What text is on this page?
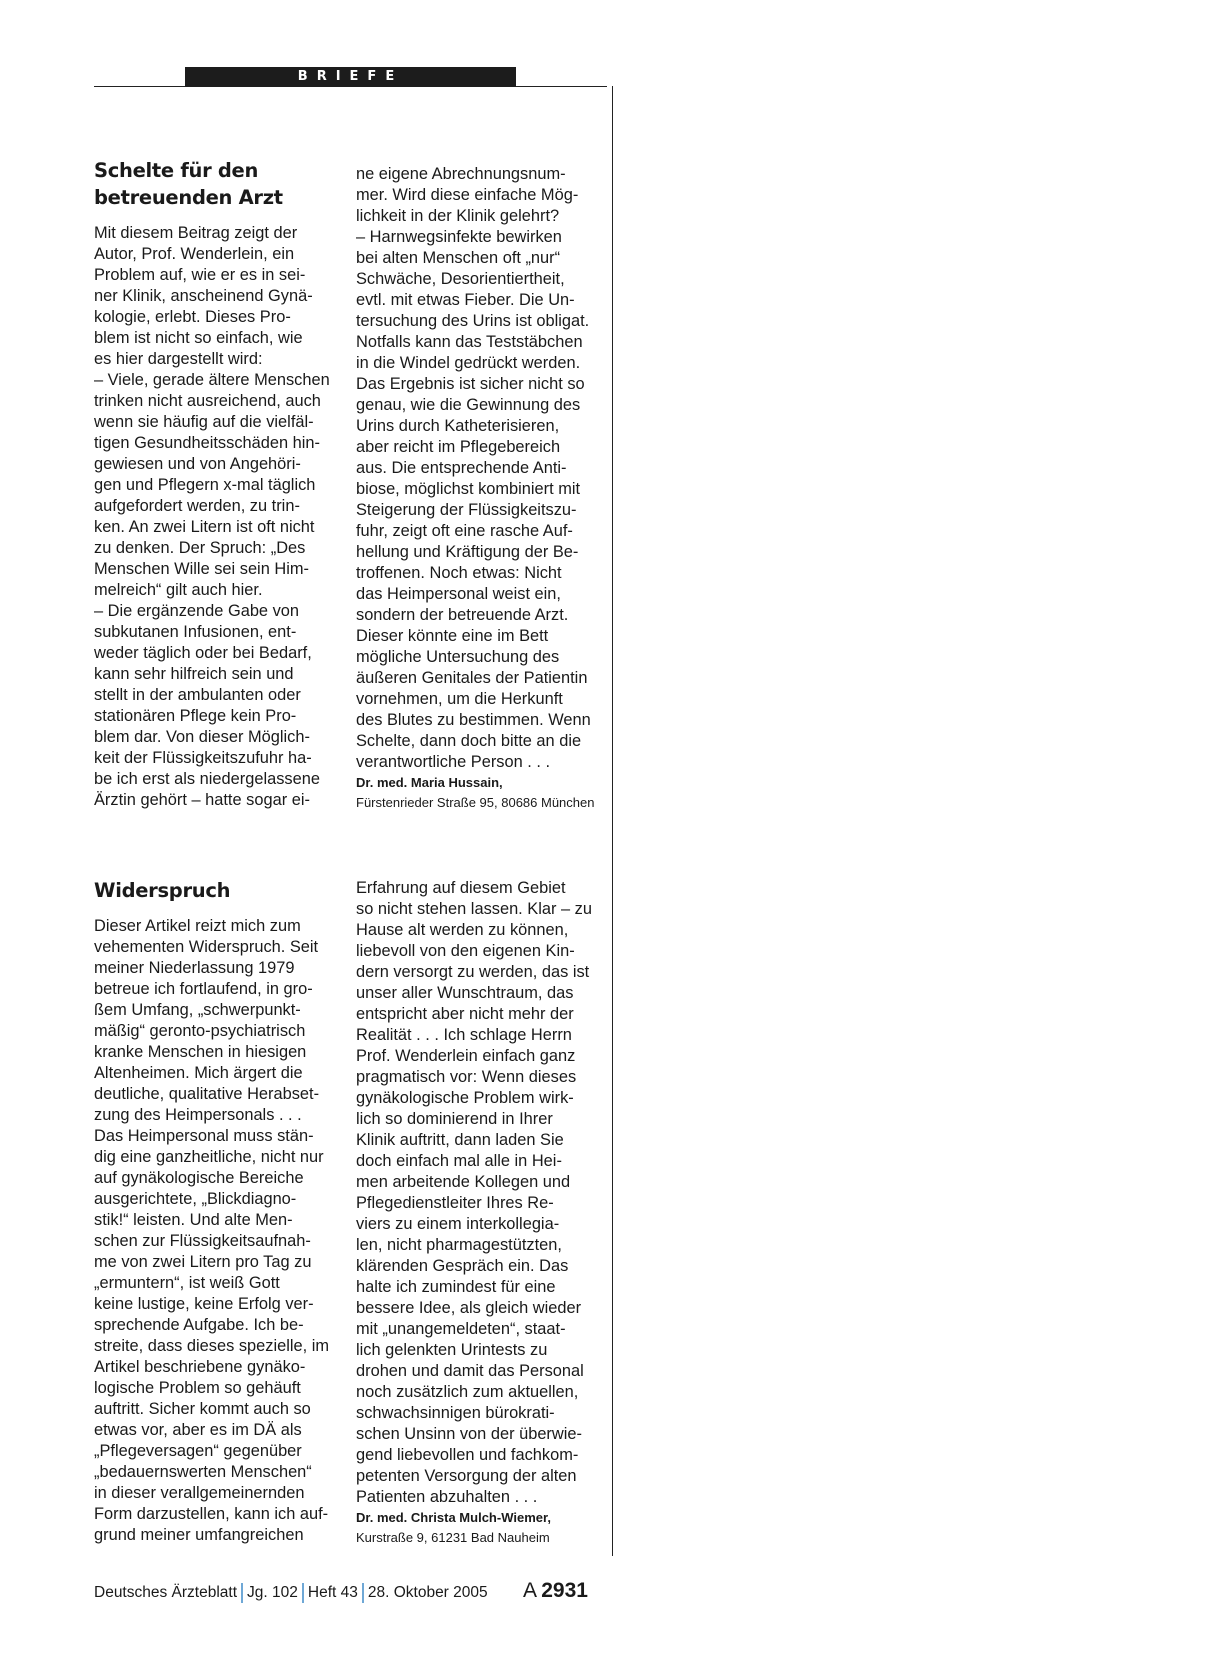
BRIEFE

Schelte für den

betreuenden Arzt

Mit diesem Beitrag zeigt der

Autor, Prof. Wenderlein, ein

Problem auf, wie er es in sei-

ner Klinik, anscheinend Gynä-

kologie, erlebt. Dieses Pro-

blem ist nicht so einfach, wie

es hier dargestellt wird:

– Viele, gerade ältere Menschen

trinken nicht ausreichend, auch

wenn sie häufig auf die vielfäl-

tigen Gesundheitsschäden hin-

gewiesen und von Angehöri-

gen und Pflegern x-mal täglich

aufgefordert werden, zu trin-

ken. An zwei Litern ist oft nicht

zu denken. Der Spruch: „Des

Menschen Wille sei sein Him-

melreich“ gilt auch hier.

– Die ergänzende Gabe von

subkutanen Infusionen, ent-

weder täglich oder bei Bedarf,

kann sehr hilfreich sein und

stellt in der ambulanten oder

stationären Pflege kein Pro-

blem dar. Von dieser Möglich-

keit der Flüssigkeitszufuhr ha-

be ich erst als niedergelassene

Ärztin gehört – hatte sogar ei-

ne eigene Abrechnungsnum-

mer. Wird diese einfache Mög-

lichkeit in der Klinik gelehrt?

– Harnwegsinfekte bewirken

bei alten Menschen oft „nur“

Schwäche, Desorientiertheit,

evtl. mit etwas Fieber. Die Un-

tersuchung des Urins ist obligat.

Notfalls kann das Teststäbchen

in die Windel gedrückt werden.

Das Ergebnis ist sicher nicht so

genau, wie die Gewinnung des

Urins durch Katheterisieren,

aber reicht im Pflegebereich

aus. Die entsprechende Anti-

biose, möglichst kombiniert mit

Steigerung der Flüssigkeitszu-

fuhr, zeigt oft eine rasche Auf-

hellung und Kräftigung der Be-

troffenen. Noch etwas: Nicht

das Heimpersonal weist ein,

sondern der betreuende Arzt.

Dieser könnte eine im Bett

mögliche Untersuchung des

äußeren Genitales der Patientin

vornehmen, um die Herkunft

des Blutes zu bestimmen. Wenn

Schelte, dann doch bitte an die

verantwortliche Person . . .

Dr. med. Maria Hussain,

Fürstenrieder Straße 95, 80686 München

Widerspruch

Dieser Artikel reizt mich zum

vehementen Widerspruch. Seit

meiner Niederlassung 1979

betreue ich fortlaufend, in gro-

ßem Umfang, „schwerpunkt-

mäßig“ geronto-psychiatrisch

kranke Menschen in hiesigen

Altenheimen. Mich ärgert die

deutliche, qualitative Herabset-

zung des Heimpersonals . . .

Das Heimpersonal muss stän-

dig eine ganzheitliche, nicht nur

auf gynäkologische Bereiche

ausgerichtete, „Blickdiagno-

stik!“ leisten. Und alte Men-

schen zur Flüssigkeitsaufnah-

me von zwei Litern pro Tag zu

„ermuntern“, ist weiß Gott

keine lustige, keine Erfolg ver-

sprechende Aufgabe. Ich be-

streite, dass dieses spezielle, im

Artikel beschriebene gynäko-

logische Problem so gehäuft

auftritt. Sicher kommt auch so

etwas vor, aber es im DÄ als

„Pflegeversagen“ gegenüber

„bedauernswerten Menschen“

in dieser verallgemeinernden

Form darzustellen, kann ich auf-

grund meiner umfangreichen

Erfahrung auf diesem Gebiet

so nicht stehen lassen. Klar – zu

Hause alt werden zu können,

liebevoll von den eigenen Kin-

dern versorgt zu werden, das ist

unser aller Wunschtraum, das

entspricht aber nicht mehr der

Realität . . . Ich schlage Herrn

Prof. Wenderlein einfach ganz

pragmatisch vor: Wenn dieses

gynäkologische Problem wirk-

lich so dominierend in Ihrer

Klinik auftritt, dann laden Sie

doch einfach mal alle in Hei-

men arbeitende Kollegen und

Pflegedienstleiter Ihres Re-

viers zu einem interkollegia-

len, nicht pharmagestützten,

klärenden Gespräch ein. Das

halte ich zumindest für eine

bessere Idee, als gleich wieder

mit „unangemeldeten“, staat-

lich gelenkten Urintests zu

drohen und damit das Personal

noch zusätzlich zum aktuellen,

schwachsinnigen bürokrati-

schen Unsinn von der überwie-

gend liebevollen und fachkom-

petenten Versorgung der alten

Patienten abzuhalten . . .

Dr. med. Christa Mulch-Wiemer,

Kurstraße 9, 61231 Bad Nauheim

Deutsches Ärzteblatt Jg. 102 Heft 43 28. Oktober 2005	A  2931
